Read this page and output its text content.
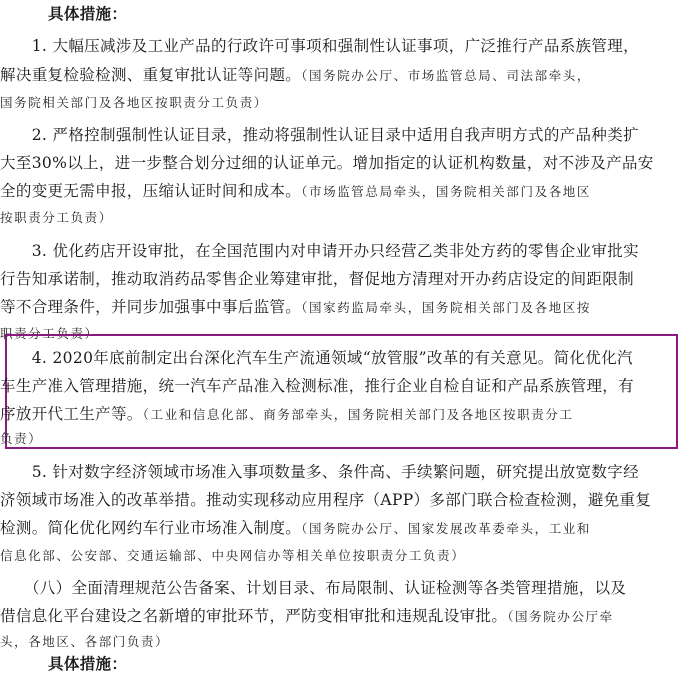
具体措施：
　　1. 大幅压减涉及工业产品的行政许可事项和强制性认证事项，广泛推行产品系族管理，
解决重复检验检测、重复审批认证等问题。（国务院办公厅、市场监管总局、司法部牵头，
国务院相关部门及各地区按职责分工负责）
　　2. 严格控制强制性认证目录，推动将强制性认证目录中适用自我声明方式的产品种类扩
大至30%以上，进一步整合划分过细的认证单元。增加指定的认证机构数量，对不涉及产品安
全的变更无需申报，压缩认证时间和成本。（市场监管总局牵头，国务院相关部门及各地区
按职责分工负责）
　　3. 优化药店开设审批，在全国范围内对申请开办只经营乙类非处方药的零售企业审批实
行告知承诺制，推动取消药品零售企业筹建审批，督促地方清理对开办药店设定的间距限制
等不合理条件，并同步加强事中事后监管。（国家药监局牵头，国务院相关部门及各地区按
职责分工负责）
　　4. 2020年底前制定出台深化汽车生产流通领域“放管服”改革的有关意见。简化优化汽
车生产准入管理措施，统一汽车产品准入检测标准，推行企业自检自证和产品系族管理，有
序放开代工生产等。（工业和信息化部、商务部牵头，国务院相关部门及各地区按职责分工
负责）
　　5. 针对数字经济领域市场准入事项数量多、条件高、手续繁问题，研究提出放宽数字经
济领域市场准入的改革举措。推动实现移动应用程序（APP）多部门联合检查检测，避免重复
检测。简化优化网约车行业市场准入制度。（国务院办公厅、国家发展改革委牵头，工业和
信息化部、公安部、交通运输部、中央网信办等相关单位按职责分工负责）
　　（八）全面清理规范公告备案、计划目录、布局限制、认证检测等各类管理措施，以及
借信息化平台建设之名新增的审批环节，严防变相审批和违规乱设审批。（国务院办公厅牵
头，各地区、各部门负责）
具体措施：
